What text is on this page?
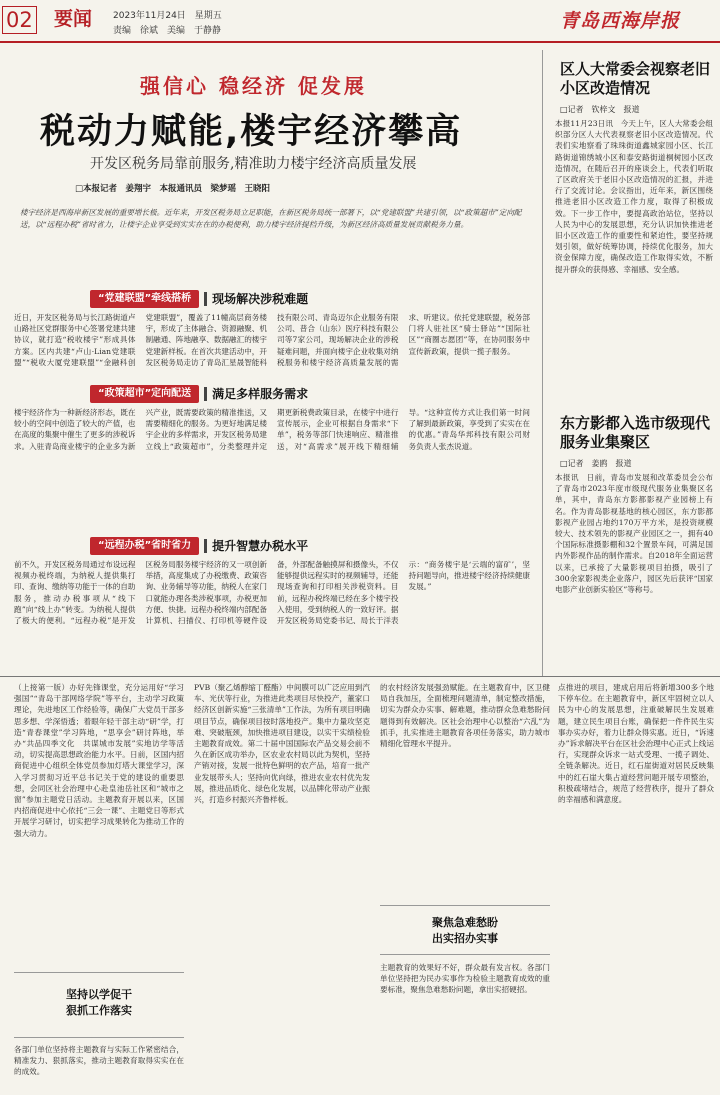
02 要闻 2023年11月24日　星期五
责编　徐斌　美编　于静静	青岛西海岸报
强信心 稳经济 促发展
税动力赋能,楼宇经济攀高
开发区税务局靠前服务,精准助力楼宇经济高质量发展
□本报记者　姜翔宇　本报通讯员　梁梦瑶　王晓阳
楼宇经济是西海岸新区发展的重要增长极。近年来，开发区税务局立足职能，在新区税务局统一部署下，以“党建联盟”共建引领，以“政策超市”定向配送，以“远程办税”省时省力，让楼宇企业享受到实实在在的办税便利，助力楼宇经济提档升级，为新区经济高质量发展贡献税务力量。
“党建联盟”牵线搭桥 现场解决涉税难题
近日，开发区税务局与长江路街道卢山路社区党群服务中心签署党建共建协议，就打造“税收楼宇”形成具体方案。区内共建“卢山·Lian党建联盟”“税收大厦党建联盟”“金融科创党建联盟”，覆盖了11幢高层商务楼宇，形成了主体融合、资源融聚、机制融通、阵地融享、数据融汇的楼宇党建新样板。在首次共建活动中，开发区税务局走访了青岛汇星晟智能科技有限公司、青岛迈尔企业服务有限公司、普合（山东）医疗科技有限公司等7家公司，现场解决企业的涉税疑难问题，并面向楼宇企业收集对纳税服务和楼宇经济高质量发展的需求、听建议。依托党建联盟，税务部门将人驻社区“骑士驿站”“国际社区”“商圈志愿团”等，在协同服务中宣传新政策，提供一揽子服务。
“政策超市”定向配送 满足多样服务需求
楼宇经济作为一种新经济形态，既在较小的空间中创造了较大的产值，也在高度的集聚中催生了更多的涉税诉求。入驻青岛商业楼宇的企业多为新兴产业，既需要政策的精准推送，又需要精细化的服务。为更好地满足楼宇企业的多样需求，开发区税务局建立线上“政策超市”，分类整理并定期更新税费政策目录，在楼宇中进行宣传展示，企业可根据自身需求“下单”，税务等部门快速响应、精准推送，对“高需求”展开线下精细辅导。“这种宣传方式让我们第一时间了解到最新政策，享受到了实实在在的优惠。”青岛华邦科技有限公司财务负责人张杰说道。
“远程办税”省时省力 提升智慧办税水平
前不久，开发区税务局通过布设远程视频办税终端，为纳税人提供集打印、查询、缴纳等功能于一体的自助服务，推动办税事项从“线下跑”向“线上办”转变。为纳税人提供了极大的便利。“远程办税”是开发区税务局服务楼宇经济的又一项创新举措，高度集成了办税缴费、政策咨询、业务辅导等功能，纳税人在家门口就能办理各类涉税事项，办税更加方便、快捷。远程办税终端内部配备计算机、扫描仪、打印机等硬件设备，外部配备触摸屏和摄像头，不仅能够提供远程实时的视频辅导，还能现场查询和打印相关涉税资料。目前，远程办税终端已经在多个楼宇投入使用，受到纳税人的一致好评。据开发区税务局党委书记、局长于洋表示：“商务楼宇是‘云端的富矿’，坚持问题导向，推进楼宇经济持续健康发展。”
区人大常委会视察老旧小区改造情况
□记者　钦梓文　报道
本报11月23日讯　今天上午，区人大常委会组织部分区人大代表视察老旧小区改造情况。代表们实地察看了珠珠街道鑫城家园小区、长江路街道锦绣城小区和泰安路街道桐树园小区改造情况，在随后召开的座谈会上，代表们听取了区政府关于老旧小区改造情况的汇报，并进行了交流讨论。会议指出，近年来，新区围绕推进老旧小区改造工作力度，取得了积极成效。下一步工作中，要提高政治站位，坚持以人民为中心的发展思想，充分认识加快推进老旧小区改造工作的重要性和紧迫性，要坚持规划引领，做好统筹协调，持续优化服务，加大资金保障力度，确保改造工作取得实效，不断提升群众的获得感、幸福感、安全感。
东方影都入选市级现代服务业集聚区
□记者　姜鸥　报道
本报讯　日前，青岛市发展和改革委员会公布了青岛市2023年度市级现代服务业集聚区名单，其中，青岛东方影都影视产业园榜上有名。作为青岛影视基地的核心园区，东方影都影视产业园占地约170万平方米，是投资规模较大、技术领先的影视产业园区之一，拥有40个国际标准摄影棚和32个置景车间，可满足国内外影视作品的制作需求。自2018年全面运营以来，已承接了大量影视项目拍摄，吸引了300余家影视类企业落户，园区先后获评“国家电影产业创新实验区”等称号。
（上接第一版）办好先锋课堂，充分运用好“学习强国”“青岛干部网络学院”等平台，主动学习政策理论，先进地区工作经验等，确保广大党员干部多思多想、学深悟透；着眼年轻干部主动“研”学，打造“青春课堂”学习阵地，“思享会”研讨阵地，举办“共品四季文化　共谋城市发展”实地访学等活动，切实提高思想政治能力水平。日前，区国内招商促进中心组织全体党员参加灯塔大课堂学习，深入学习贯彻习近平总书记关于党的建设的重要思想，会同区社会治理中心赴皇池岳社区和“城市之窗”参加主题党日活动。主题教育开展以来，区国内招商促进中心依托“三会一课”、主题党日等形式开展学习研讨，切实把学习成果转化为推动工作的强大动力。
坚持以学促干
狠抓工作落实
各部门单位坚持将主题教育与实际工作紧密结合，精准发力、狠抓落实，推动主题教育取得实实在在的成效。
PVB（聚乙烯醇缩丁醛酯）中间膜可以广泛应用到汽车、光伏等行业，为推进此类项目尽快投产，董家口经济区创新实施“三张清单”工作法，为所有项目明确项目节点，确保项目按时落地投产。集中力量攻坚克难、突破瓶颈，加快推进项目建设，以实干实绩检验主题教育成效。第二十届中国国际农产品交易会前不久在新区成功举办，区农业农村局以此为契机，坚持产销对接，发展一批特色鲜明的农产品，培育一批产业发展带头人；坚持向优向绿，推进农业农村优先发展，推进品质化、绿色化发展，以品牌化带动产业振兴，打造乡村振兴齐鲁样板。
的农村经济发展强劲赋能。在主题教育中，区卫健局自我加压，全面梳理问题清单，制定整改措施，切实为群众办实事、解难题，推动群众急难愁盼问题得到有效解决。区社会治理中心以整治“六乱”为抓手，扎实推进主题教育各项任务落实，助力城市精细化管理水平提升。
聚焦急难愁盼
出实招办实事
主题教育的效果好不好，群众最有发言权。各部门单位坚持把为民办实事作为检验主题教育成效的重要标准，聚焦急难愁盼问题，拿出实招硬招。
点推进的项目，建成启用后将新增300多个地下停车位。在主题教育中，新区牢固树立以人民为中心的发展思想，注重破解民生发展难题，建立民生项目台账，确保把一件件民生实事办实办好，着力让群众得实惠。近日，“诉速办”诉求解决平台在区社会治理中心正式上线运行，实现群众诉求一站式受理、一揽子调处、全链条解决。近日，红石崖街道对居民反映集中的红石崖大集占道经营问题开展专项整治，积极疏堵结合，规范了经营秩序，提升了群众的幸福感和满意度。
